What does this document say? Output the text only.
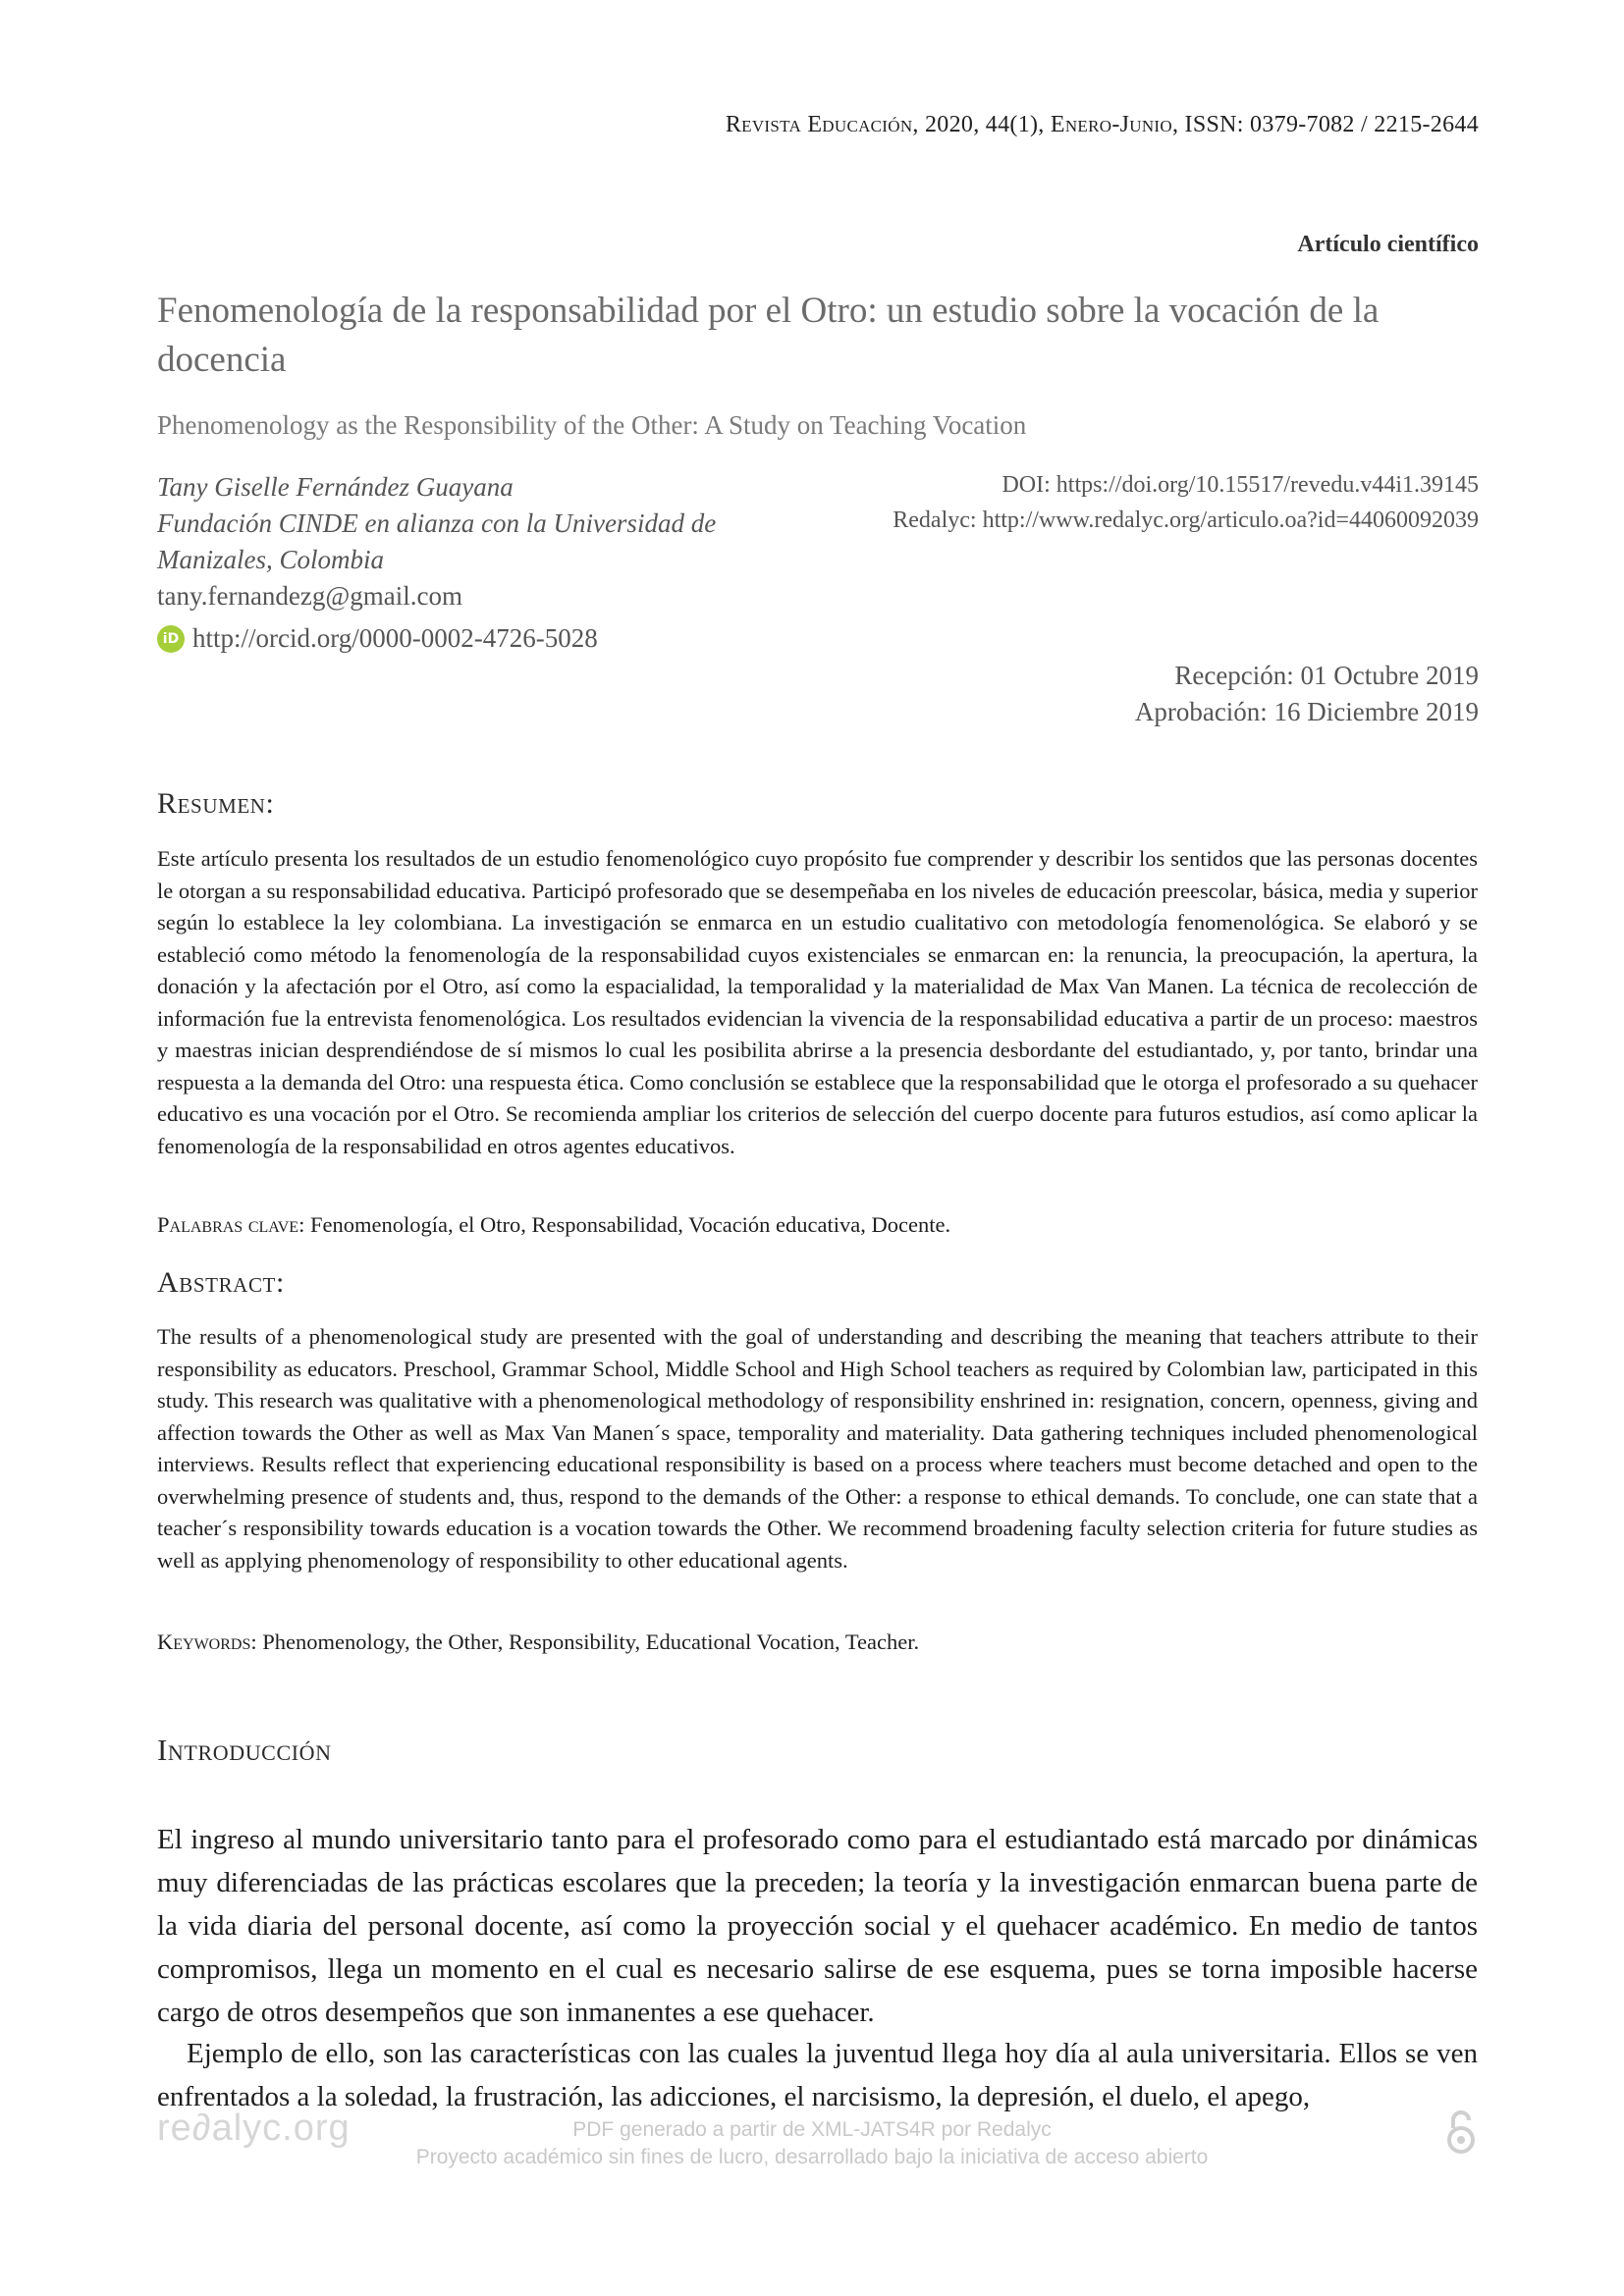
Revista Educación, 2020, 44(1), Enero-Junio, ISSN: 0379-7082 / 2215-2644
Artículo científico
Fenomenología de la responsabilidad por el Otro: un estudio sobre la vocación de la docencia
Phenomenology as the Responsibility of the Other: A Study on Teaching Vocation
Tany Giselle Fernández Guayana
Fundación CINDE en alianza con la Universidad de
Manizales, Colombia
tany.fernandezg@gmail.com
iD http://orcid.org/0000-0002-4726-5028
DOI: https://doi.org/10.15517/revedu.v44i1.39145
Redalyc: http://www.redalyc.org/articulo.oa?id=44060092039
Recepción: 01 Octubre 2019
Aprobación: 16 Diciembre 2019
Resumen:
Este artículo presenta los resultados de un estudio fenomenológico cuyo propósito fue comprender y describir los sentidos que las personas docentes le otorgan a su responsabilidad educativa. Participó profesorado que se desempeñaba en los niveles de educación preescolar, básica, media y superior según lo establece la ley colombiana. La investigación se enmarca en un estudio cualitativo con metodología fenomenológica. Se elaboró y se estableció como método la fenomenología de la responsabilidad cuyos existenciales se enmarcan en: la renuncia, la preocupación, la apertura, la donación y la afectación por el Otro, así como la espacialidad, la temporalidad y la materialidad de Max Van Manen. La técnica de recolección de información fue la entrevista fenomenológica. Los resultados evidencian la vivencia de la responsabilidad educativa a partir de un proceso: maestros y maestras inician desprendiéndose de sí mismos lo cual les posibilita abrirse a la presencia desbordante del estudiantado, y, por tanto, brindar una respuesta a la demanda del Otro: una respuesta ética. Como conclusión se establece que la responsabilidad que le otorga el profesorado a su quehacer educativo es una vocación por el Otro. Se recomienda ampliar los criterios de selección del cuerpo docente para futuros estudios, así como aplicar la fenomenología de la responsabilidad en otros agentes educativos.
Palabras clave: Fenomenología, el Otro, Responsabilidad, Vocación educativa, Docente.
Abstract:
The results of a phenomenological study are presented with the goal of understanding and describing the meaning that teachers attribute to their responsibility as educators. Preschool, Grammar School, Middle School and High School teachers as required by Colombian law, participated in this study. This research was qualitative with a phenomenological methodology of responsibility enshrined in: resignation, concern, openness, giving and affection towards the Other as well as Max Van Manen´s space, temporality and materiality. Data gathering techniques included phenomenological interviews. Results reflect that experiencing educational responsibility is based on a process where teachers must become detached and open to the overwhelming presence of students and, thus, respond to the demands of the Other: a response to ethical demands. To conclude, one can state that a teacher´s responsibility towards education is a vocation towards the Other. We recommend broadening faculty selection criteria for future studies as well as applying phenomenology of responsibility to other educational agents.
Keywords: Phenomenology, the Other, Responsibility, Educational Vocation, Teacher.
Introducción

El ingreso al mundo universitario tanto para el profesorado como para el estudiantado está marcado por dinámicas muy diferenciadas de las prácticas escolares que la preceden; la teoría y la investigación enmarcan buena parte de la vida diaria del personal docente, así como la proyección social y el quehacer académico. En medio de tantos compromisos, llega un momento en el cual es necesario salirse de ese esquema, pues se torna imposible hacerse cargo de otros desempeños que son inmanentes a ese quehacer.

Ejemplo de ello, son las características con las cuales la juventud llega hoy día al aula universitaria. Ellos se ven enfrentados a la soledad, la frustración, las adicciones, el narcisismo, la depresión, el duelo, el apego,

re∂alyc.org	PDF generado a partir de XML-JATS4R por Redalyc
Proyecto académico sin fines de lucro, desarrollado bajo la iniciativa de acceso abierto
